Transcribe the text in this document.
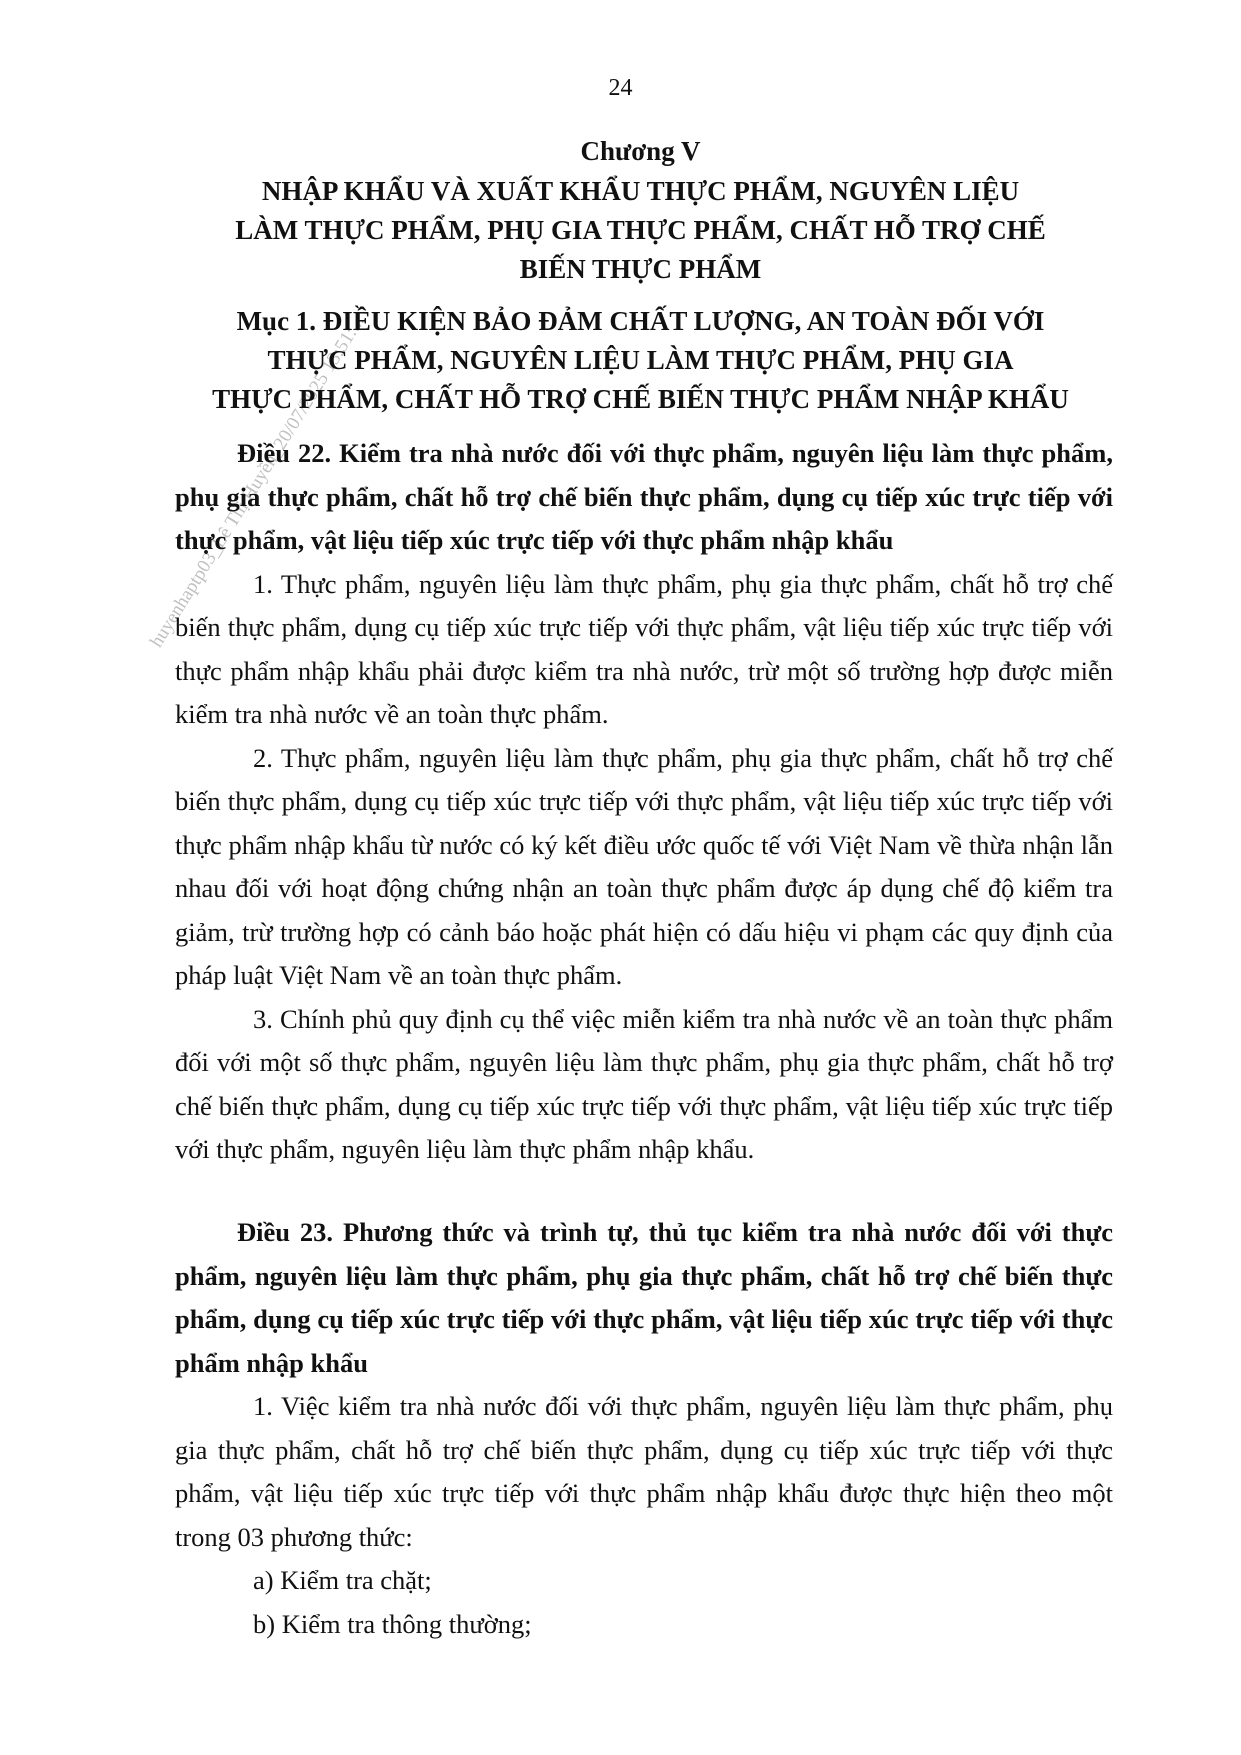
huyenhaptp03_Lê Thị Huyền_20/07/2025 13:51:...
24
Chương V
NHẬP KHẨU VÀ XUẤT KHẨU THỰC PHẨM, NGUYÊN LIỆU
LÀM THỰC PHẨM, PHỤ GIA THỰC PHẨM, CHẤT HỖ TRỢ CHẾ
BIẾN THỰC PHẨM
Mục 1. ĐIỀU KIỆN BẢO ĐẢM CHẤT LƯỢNG, AN TOÀN ĐỐI VỚI
THỰC PHẨM, NGUYÊN LIỆU LÀM THỰC PHẨM, PHỤ GIA
THỰC PHẨM, CHẤT HỖ TRỢ CHẾ BIẾN THỰC PHẨM NHẬP KHẨU

Điều 22. Kiểm tra nhà nước đối với thực phẩm, nguyên liệu làm thực phẩm, phụ gia thực phẩm, chất hỗ trợ chế biến thực phẩm, dụng cụ tiếp xúc trực tiếp với thực phẩm, vật liệu tiếp xúc trực tiếp với thực phẩm nhập khẩu

1. Thực phẩm, nguyên liệu làm thực phẩm, phụ gia thực phẩm, chất hỗ trợ chế biến thực phẩm, dụng cụ tiếp xúc trực tiếp với thực phẩm, vật liệu tiếp xúc trực tiếp với thực phẩm nhập khẩu phải được kiểm tra nhà nước, trừ một số trường hợp được miễn kiểm tra nhà nước về an toàn thực phẩm.

2. Thực phẩm, nguyên liệu làm thực phẩm, phụ gia thực phẩm, chất hỗ trợ chế biến thực phẩm, dụng cụ tiếp xúc trực tiếp với thực phẩm, vật liệu tiếp xúc trực tiếp với thực phẩm nhập khẩu từ nước có ký kết điều ước quốc tế với Việt Nam về thừa nhận lẫn nhau đối với hoạt động chứng nhận an toàn thực phẩm được áp dụng chế độ kiểm tra giảm, trừ trường hợp có cảnh báo hoặc phát hiện có dấu hiệu vi phạm các quy định của pháp luật Việt Nam về an toàn thực phẩm.

3. Chính phủ quy định cụ thể việc miễn kiểm tra nhà nước về an toàn thực phẩm đối với một số thực phẩm, nguyên liệu làm thực phẩm, phụ gia thực phẩm, chất hỗ trợ chế biến thực phẩm, dụng cụ tiếp xúc trực tiếp với thực phẩm, vật liệu tiếp xúc trực tiếp với thực phẩm, nguyên liệu làm thực phẩm nhập khẩu.

Điều 23. Phương thức và trình tự, thủ tục kiểm tra nhà nước đối với thực phẩm, nguyên liệu làm thực phẩm, phụ gia thực phẩm, chất hỗ trợ chế biến thực phẩm, dụng cụ tiếp xúc trực tiếp với thực phẩm, vật liệu tiếp xúc trực tiếp với thực phẩm nhập khẩu

1. Việc kiểm tra nhà nước đối với thực phẩm, nguyên liệu làm thực phẩm, phụ gia thực phẩm, chất hỗ trợ chế biến thực phẩm, dụng cụ tiếp xúc trực tiếp với thực phẩm, vật liệu tiếp xúc trực tiếp với thực phẩm nhập khẩu được thực hiện theo một trong 03 phương thức:

a) Kiểm tra chặt;

b) Kiểm tra thông thường;
